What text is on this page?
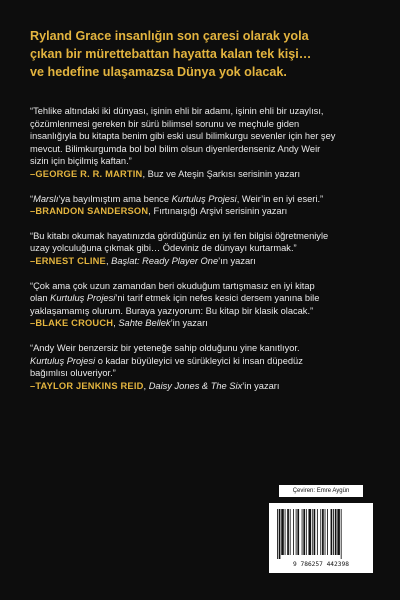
Ryland Grace insanlığın son çaresi olarak yola
çıkan bir mürettebattan hayatta kalan tek kişi…
ve hedefine ulaşamazsa Dünya yok olacak.

“Tehlike altındaki iki dünyası, işinin ehli bir adamı, işinin ehli bir uzaylısı,
çözümlenmesi gereken bir sürü bilimsel sorunu ve meçhule giden
insanlığıyla bu kitapta benim gibi eski usul bilimkurgu sevenler için her şey
mevcut. Bilimkurgumda bol bol bilim olsun diyenlerdenseniz Andy Weir
sizin için biçilmiş kaftan.”
–GEORGE R. R. MARTIN, Buz ve Ateşin Şarkısı serisinin yazarı
“Marslı’ya bayılmıştım ama bence Kurtuluş Projesi, Weir’in en iyi eseri.”
–BRANDON SANDERSON, Fırtınaışığı Arşivi serisinin yazarı
“Bu kitabı okumak hayatınızda gördüğünüz en iyi fen bilgisi öğretmeniyle
uzay yolculuğuna çıkmak gibi… Ödeviniz de dünyayı kurtarmak.”
–ERNEST CLINE, Başlat: Ready Player One’ın yazarı
“Çok ama çok uzun zamandan beri okuduğum tartışmasız en iyi kitap
olan Kurtuluş Projesi’ni tarif etmek için nefes kesici dersem yanına bile
yaklaşamamış olurum. Buraya yazıyorum: Bu kitap bir klasik olacak.”
–BLAKE CROUCH, Sahte Bellek’in yazarı
“Andy Weir benzersiz bir yeteneğe sahip olduğunu yine kanıtlıyor.
Kurtuluş Projesi o kadar büyüleyici ve sürükleyici ki insan düpedüz
bağımlısı oluveriyor.”
–TAYLOR JENKINS REID, Daisy Jones & The Six’in yazarı
Çeviren: Emre Aygün
9 786257 442398
